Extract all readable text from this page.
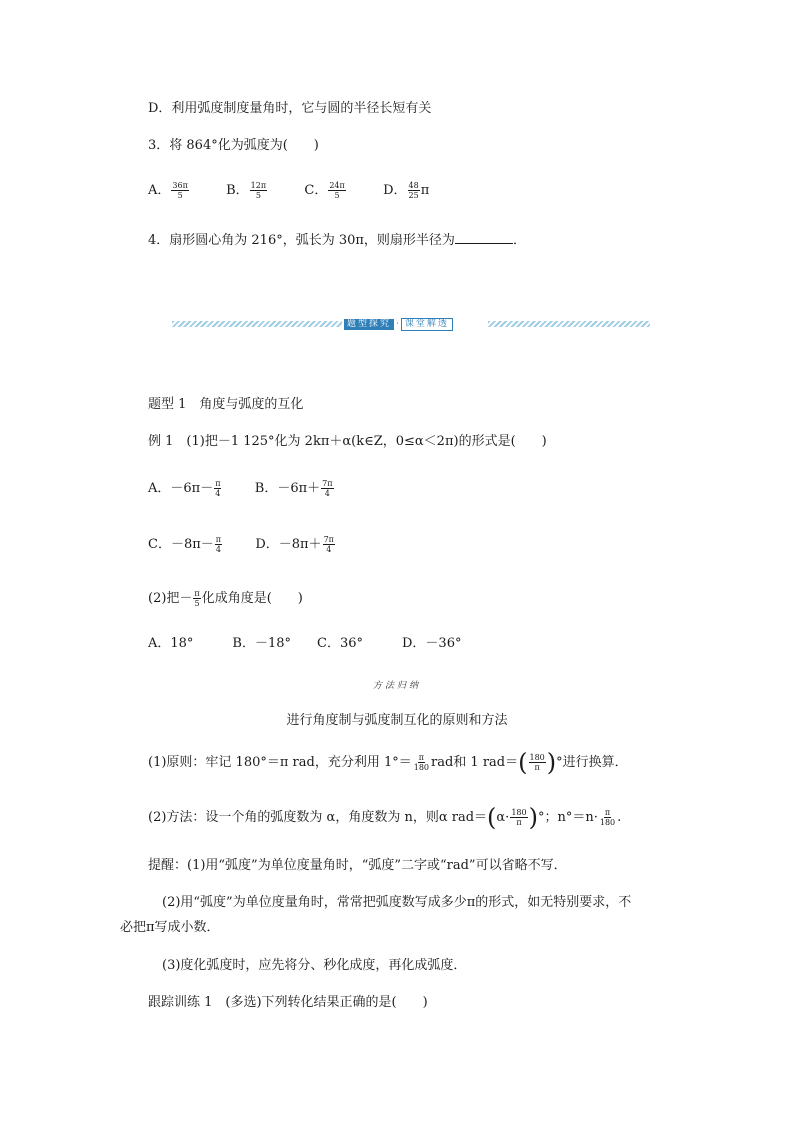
D．利用弧度制度量角时，它与圆的半径长短有关
3．将 864°化为弧度为(　　)
A． $\frac{36\pi}{5}$	B． $\frac{12\pi}{5}$	C． $\frac{24\pi}{5}$	D． $\frac{48}{25}$ π
4．扇形圆心角为 216°，弧长为 30π，则扇形半径为	．
题型探究 · 课堂解透
题型 1　角度与弧度的互化
例 1　(1)把－1 125°化为 2kπ＋α(k∈Z，0≤α＜2π)的形式是(　　)
A．$-6\pi- \frac{\pi}{4}$	B．$-6\pi+ \frac{7\pi}{4}$
C．$-8\pi- \frac{\pi}{4}$	D．$-8\pi+ \frac{7\pi}{4}$
(2)把－ $\frac{\pi}{5}$ 化成角度是(　　)
A．18°　　　B．－18°　　C．36°　　　D．－36°
方法归纳
进行角度制与弧度制互化的原则和方法
(1)原则：牢记 180°＝π rad，充分利用 $1^\circ= \frac{\pi}{180}$ rad和 1 $rad=( \frac{180}{\pi}$ )°进行换算．
(2)方法：设一个角的弧度数为 α，角度数为 n，则α $rad=(\alpha\cdot \frac{180}{\pi}$ )°；$n^\circ=n\cdot \frac{\pi}{180}$ .
提醒：(1)用“弧度”为单位度量角时，“弧度”二字或“rad”可以省略不写．
(2)用“弧度”为单位度量角时，常常把弧度数写成多少π的形式，如无特别要求，不
必把π写成小数．
(3)度化弧度时，应先将分、秒化成度，再化成弧度．
跟踪训练 1　(多选)下列转化结果正确的是(　　)
